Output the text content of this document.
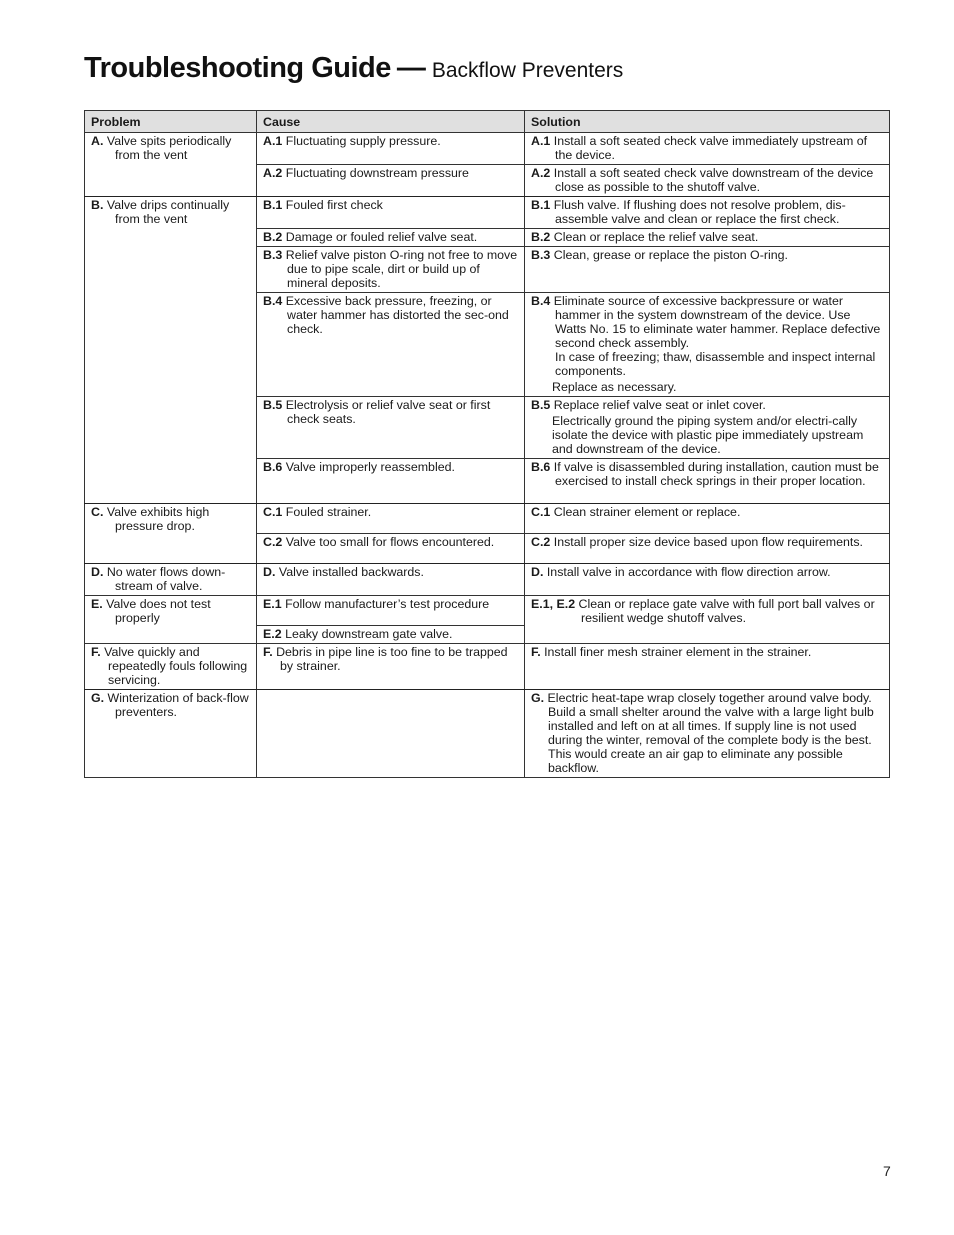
Troubleshooting Guide — Backflow Preventers
Problem	Cause	Solution

A. Valve spits periodically from the vent	A.1 Fluctuating supply pressure.	A.1 Install a soft seated check valve immediately upstream of the device.

	A.2 Fluctuating downstream pressure	A.2 Install a soft seated check valve downstream of the device close as possible to the shutoff valve.

B. Valve drips continually from the vent	B.1 Fouled first check	B.1 Flush valve. If flushing does not resolve problem, dis-assemble valve and clean or replace the first check.

	B.2 Damage or fouled relief valve seat.	B.2 Clean or replace the relief valve seat.

	B.3 Relief valve piston O-ring not free to move due to pipe scale, dirt or build up of mineral deposits.	B.3 Clean, grease or replace the piston O-ring.

	B.4 Excessive back pressure, freezing, or water hammer has distorted the sec-ond check.	B.4 Eliminate source of excessive backpressure or water hammer in the system downstream of the device. Use Watts No. 15 to eliminate water hammer. Replace defective second check assembly.

In case of freezing; thaw, disassemble and inspect internal components.

Replace as necessary.

	B.5 Electrolysis or relief valve seat or first check seats.	B.5 Replace relief valve seat or inlet cover.

Electrically ground the piping system and/or electri-cally isolate the device with plastic pipe immediately upstream and downstream of the device.

	B.6 Valve improperly reassembled.	B.6 If valve is disassembled during installation, caution must be exercised to install check springs in their proper location.

C. Valve exhibits high pressure drop.	C.1 Fouled strainer.	C.1 Clean strainer element or replace.

	C.2 Valve too small for flows encountered.	C.2 Install proper size device based upon flow requirements.

D. No water flows down-stream of valve.	D. Valve installed backwards.	D. Install valve in accordance with flow direction arrow.

E. Valve does not test properly	E.1 Follow manufacturer’s test procedure	E.1, E.2 Clean or replace gate valve with full port ball valves or resilient wedge shutoff valves.

	E.2 Leaky downstream gate valve.	

F. Valve quickly and repeatedly fouls following servicing.	F. Debris in pipe line is too fine to be trapped by strainer.	F. Install finer mesh strainer element in the strainer.

G. Winterization of back-flow preventers.		G. Electric heat-tape wrap closely together around valve body. Build a small shelter around the valve with a large light bulb installed and left on at all times. If supply line is not used during the winter, removal of the complete body is the best. This would create an air gap to eliminate any possible backflow.

7
